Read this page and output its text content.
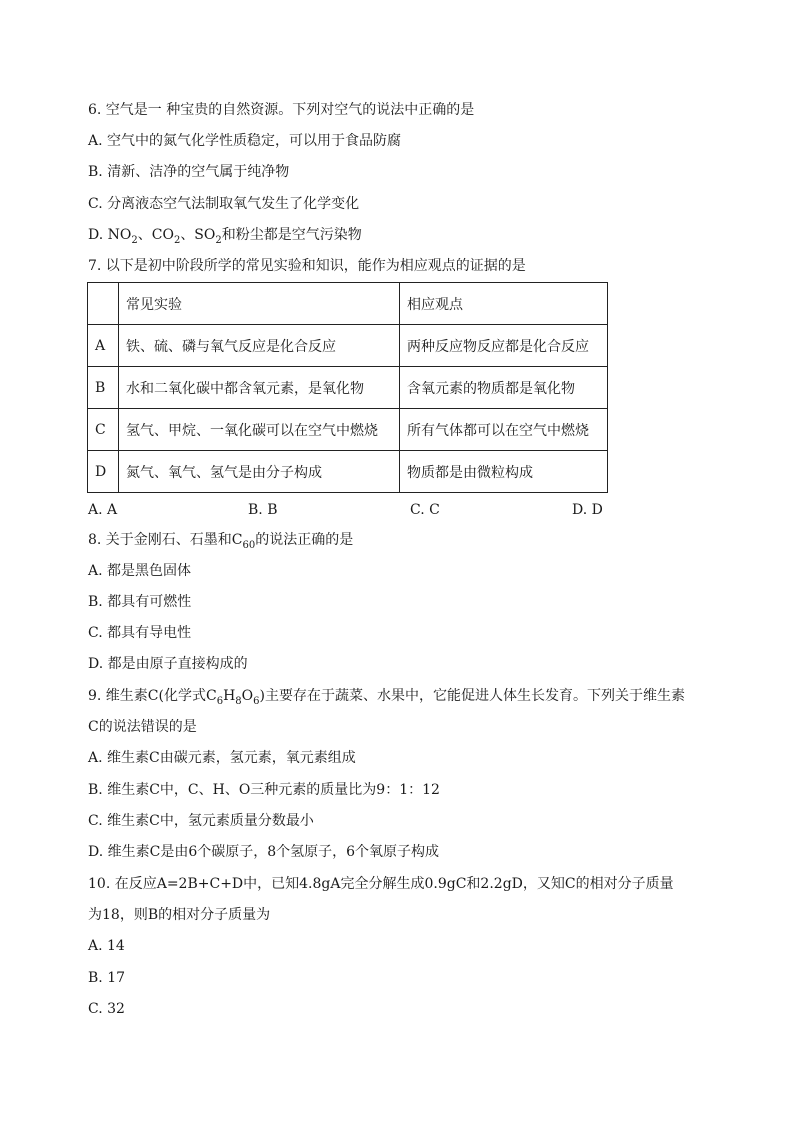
6. 空气是一 种宝贵的自然资源。下列对空气的说法中正确的是
A. 空气中的氮气化学性质稳定，可以用于食品防腐
B. 清新、洁净的空气属于纯净物
C. 分离液态空气法制取氧气发生了化学变化
D. $NO_2$、$CO_2$、$SO_2$和粉尘都是空气污染物
7. 以下是初中阶段所学的常见实验和知识，能作为相应观点的证据的是
	常见实验	相应观点
A	铁、硫、磷与氧气反应是化合反应	两种反应物反应都是化合反应
B	水和二氧化碳中都含氧元素，是氧化物	含氧元素的物质都是氧化物
C	氢气、甲烷、一氧化碳可以在空气中燃烧	所有气体都可以在空气中燃烧
D	氮气、氧气、氢气是由分子构成	物质都是由微粒构成
A. A	B. B	C. C	D. D
8. 关于金刚石、石墨和$C_{60}$的说法正确的是
A. 都是黑色固体
B. 都具有可燃性
C. 都具有导电性
D. 都是由原子直接构成的
9. 维生素C(化学式$C_6H_8O_6$)主要存在于蔬菜、水果中，它能促进人体生长发育。下列关于维生素
C的说法错误的是
A. 维生素C由碳元素，氢元素，氧元素组成
B. 维生素C中，C、H、O三种元素的质量比为9：1：12
C. 维生素C中，氢元素质量分数最小
D. 维生素C是由6个碳原子，8个氢原子，6个氧原子构成
10. 在反应A=2B+C+D中，已知4.8gA完全分解生成0.9gC和2.2gD，又知C的相对分子质量
为18，则B的相对分子质量为
A. 14
B. 17
C. 32
